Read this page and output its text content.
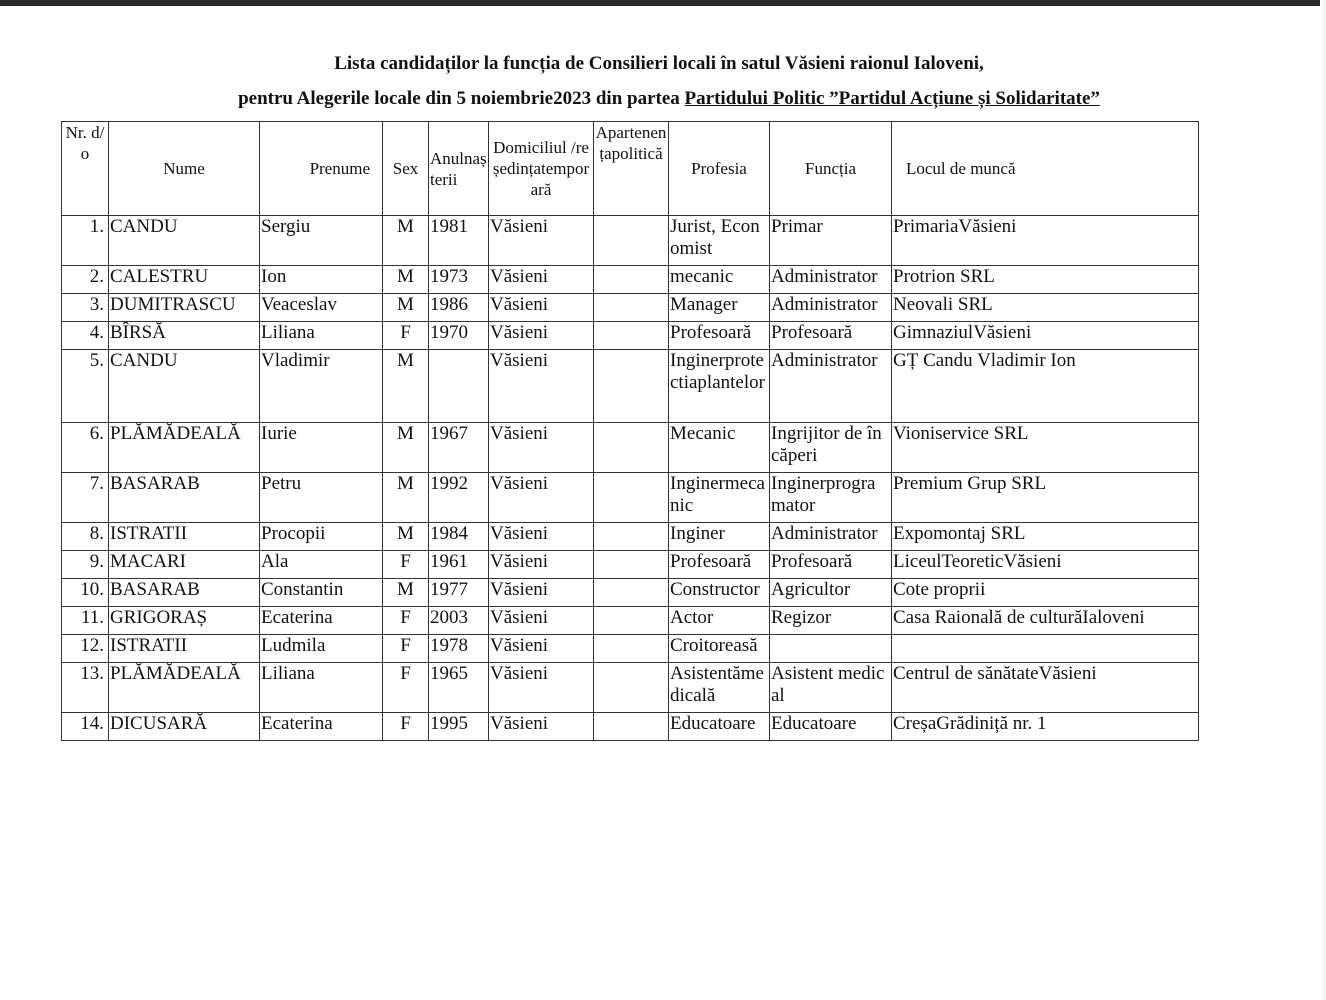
Lista candidaților la funcția de Consilieri locali în satul Văsieni raionul Ialoveni,
pentru Alegerile locale din 5 noiembrie2023 din partea Partidului Politic ”Partidul Acțiune și Solidaritate”
Nr. d/o	Nume	Prenume	Sex	Anulnașterii	Domiciliul /reședințatemporară	Apartenențapolitică	Profesia	Funcția	Locul de muncă
1.	CANDU	Sergiu	M	1981	Văsieni		Jurist, Economist	Primar	PrimariaVăsieni
2.	CALESTRU	Ion	M	1973	Văsieni		mecanic	Administrator	Protrion SRL
3.	DUMITRASCU	Veaceslav	M	1986	Văsieni		Manager	Administrator	Neovali SRL
4.	BÎRSĂ	Liliana	F	1970	Văsieni		Profesoară	Profesoară	GimnaziulVăsieni
5.	CANDU	Vladimir	M		Văsieni		Inginerprotectiaplantelor	Administrator	GȚ Candu Vladimir Ion
6.	PLĂMĂDEALĂ	Iurie	M	1967	Văsieni		Mecanic	Ingrijitor de încăperi	Vioniservice SRL
7.	BASARAB	Petru	M	1992	Văsieni		Inginermecanic	Inginerprogramator	Premium Grup SRL
8.	ISTRATII	Procopii	M	1984	Văsieni		Inginer	Administrator	Expomontaj SRL
9.	MACARI	Ala	F	1961	Văsieni		Profesoară	Profesoară	LiceulTeoreticVăsieni
10.	BASARAB	Constantin	M	1977	Văsieni		Constructor	Agricultor	Cote proprii
11.	GRIGORAȘ	Ecaterina	F	2003	Văsieni		Actor	Regizor	Casa Raională de culturăIaloveni
12.	ISTRATII	Ludmila	F	1978	Văsieni		Croitoreasă		
13.	PLĂMĂDEALĂ	Liliana	F	1965	Văsieni		Asistentămedicală	Asistent medical	Centrul de sănătateVăsieni
14.	DICUSARĂ	Ecaterina	F	1995	Văsieni		Educatoare	Educatoare	CreșaGrădiniță nr. 1
